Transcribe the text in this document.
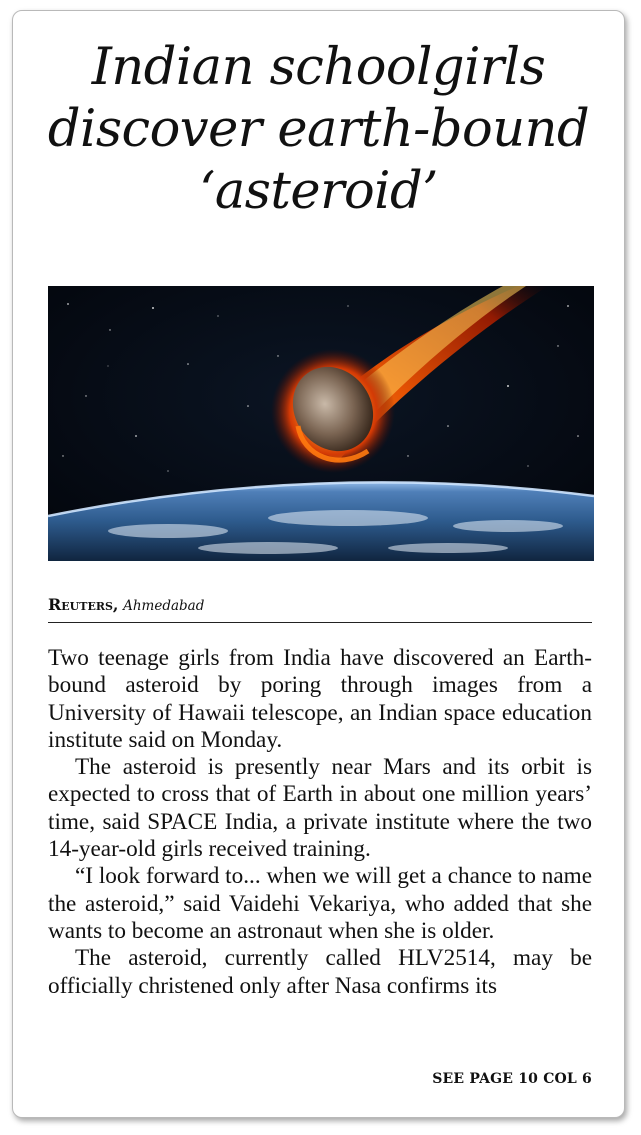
Indian schoolgirls discover earth-bound ‘asteroid’
Reuters, Ahmedabad

Two teenage girls from India have discovered an Earth-bound asteroid by poring through images from a University of Hawaii telescope, an Indian space education institute said on Monday.

The asteroid is presently near Mars and its orbit is expected to cross that of Earth in about one million years’ time, said SPACE India, a private institute where the two 14-year-old girls received training.

“I look forward to... when we will get a chance to name the asteroid,” said Vaidehi Vekariya, who added that she wants to become an astronaut when she is older.

The asteroid, currently called HLV2514, may be officially christened only after Nasa confirms its

SEE PAGE 10 COL 6
